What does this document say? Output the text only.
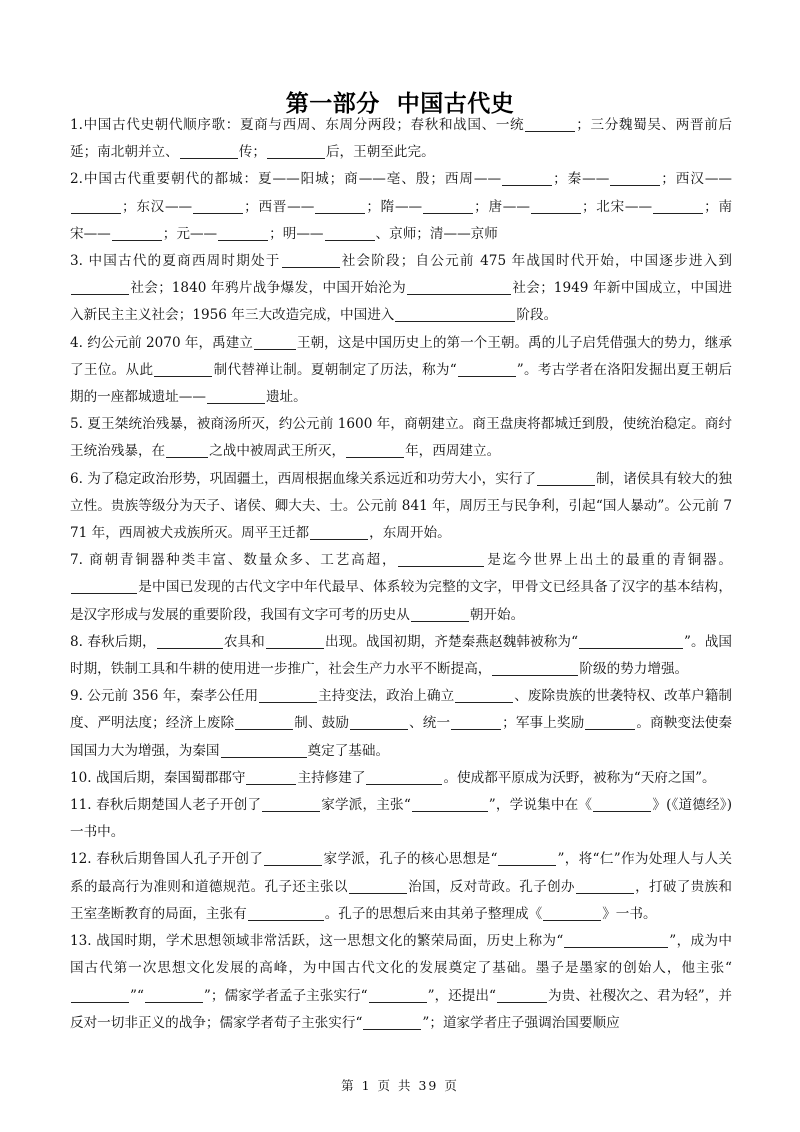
第一部分  中国古代史

1.中国古代史朝代顺序歌：夏商与西周、东周分两段；春秋和战国、一统	；三分魏蜀吴、两晋前后延；南北朝并立、	传；	后，王朝至此完。

2.中国古代重要朝代的都城：夏——阳城；商——亳、殷；西周——	；秦——	；西汉——；东汉——	；西晋——	；隋——	；唐——	；北宋——	；南宋——	；元——	；明——	、京师；清——京师

3. 中国古代的夏商西周时期处于	社会阶段；自公元前 475 年战国时代开始，中国逐步进入到社会；1840 年鸦片战争爆发，中国开始沦为	社会；1949 年新中国成立，中国进入新民主主义社会；1956 年三大改造完成，中国进入	阶段。

4. 约公元前 2070 年，禹建立	王朝，这是中国历史上的第一个王朝。禹的儿子启凭借强大的势力，继承了王位。从此	制代替禅让制。夏朝制定了历法，称为“	”。考古学者在洛阳发掘出夏王朝后期的一座都城遗址——	遗址。

5. 夏王桀统治残暴，被商汤所灭，约公元前 1600 年，商朝建立。商王盘庚将都城迁到殷，使统治稳定。商纣王统治残暴，在	之战中被周武王所灭，	年，西周建立。

6. 为了稳定政治形势，巩固疆土，西周根据血缘关系远近和功劳大小，实行了	制，诸侯具有较大的独立性。贵族等级分为天子、诸侯、卿大夫、士。公元前 841 年，周厉王与民争利，引起“国人暴动”。公元前 771 年，西周被犬戎族所灭。周平王迁都	，东周开始。

7. 商朝青铜器种类丰富、数量众多、工艺高超，	是迄今世界上出土的最重的青铜器。是中国已发现的古代文字中年代最早、体系较为完整的文字，甲骨文已经具备了汉字的基本结构，是汉字形成与发展的重要阶段，我国有文字可考的历史从	朝开始。

8. 春秋后期，	农具和	出现。战国初期，齐楚秦燕赵魏韩被称为“	”。战国时期，铁制工具和牛耕的使用进一步推广，社会生产力水平不断提高，	阶级的势力增强。

9. 公元前 356 年，秦孝公任用	主持变法，政治上确立	、废除贵族的世袭特权、改革户籍制度、严明法度；经济上废除	制、鼓励	、统一	；军事上奖励	。商鞅变法使秦国国力大为增强，为秦国	奠定了基础。

10. 战国后期，秦国蜀郡郡守	主持修建了	。使成都平原成为沃野，被称为“天府之国”。

11. 春秋后期楚国人老子开创了	家学派，主张“	”，学说集中在《	》(《道德经》) 一书中。

12. 春秋后期鲁国人孔子开创了	家学派，孔子的核心思想是“	”，将“仁”作为处理人与人关系的最高行为准则和道德规范。孔子还主张以	治国，反对苛政。孔子创办	，打破了贵族和王室垄断教育的局面，主张有	。孔子的思想后来由其弟子整理成《	》一书。

13. 战国时期，学术思想领域非常活跃，这一思想文化的繁荣局面，历史上称为“	”，成为中国古代第一次思想文化发展的高峰，为中国古代文化的发展奠定了基础。墨子是墨家的创始人，他主张“”“	”；儒家学者孟子主张实行“	”，还提出“	为贵、社稷次之、君为轻”，并反对一切非正义的战争；儒家学者荀子主张实行“	”；道家学者庄子强调治国要顺应

第 1 页 共 39 页
